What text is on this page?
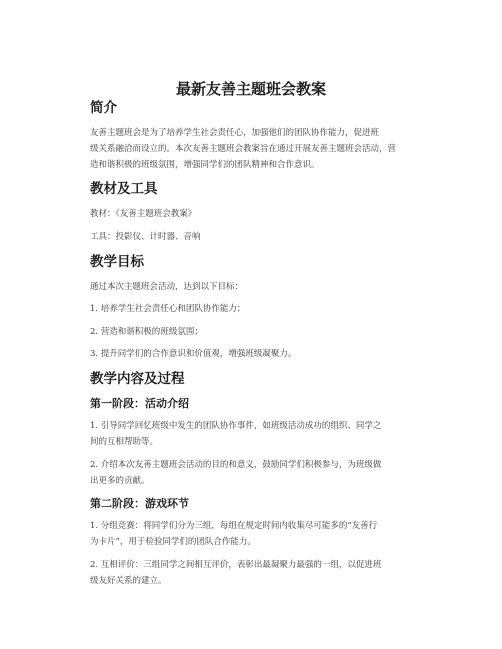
最新友善主题班会教案
简介
友善主题班会是为了培养学生社会责任心，加强他们的团队协作能力，促进班
级关系融洽而设立的。本次友善主题班会教案旨在通过开展友善主题班会活动，营
造和谐积极的班级氛围，增强同学们的团队精神和合作意识。
教材及工具
教材：《友善主题班会教案》
工具：投影仪、计时器、音响
教学目标
通过本次主题班会活动，达到以下目标：
1. 培养学生社会责任心和团队协作能力；
2. 营造和谐积极的班级氛围；
3. 提升同学们的合作意识和价值观，增强班级凝聚力。
教学内容及过程
第一阶段：活动介绍
1. 引导同学回忆班级中发生的团队协作事件，如班级活动成功的组织、同学之
间的互相帮助等。
2. 介绍本次友善主题班会活动的目的和意义，鼓励同学们积极参与，为班级做
出更多的贡献。
第二阶段：游戏环节
1. 分组竞赛：将同学们分为三组，每组在规定时间内收集尽可能多的“友善行
为卡片”，用于检验同学们的团队合作能力。
2. 互相评价：三组同学之间相互评价，表彰出最凝聚力最强的一组，以促进班
级友好关系的建立。
